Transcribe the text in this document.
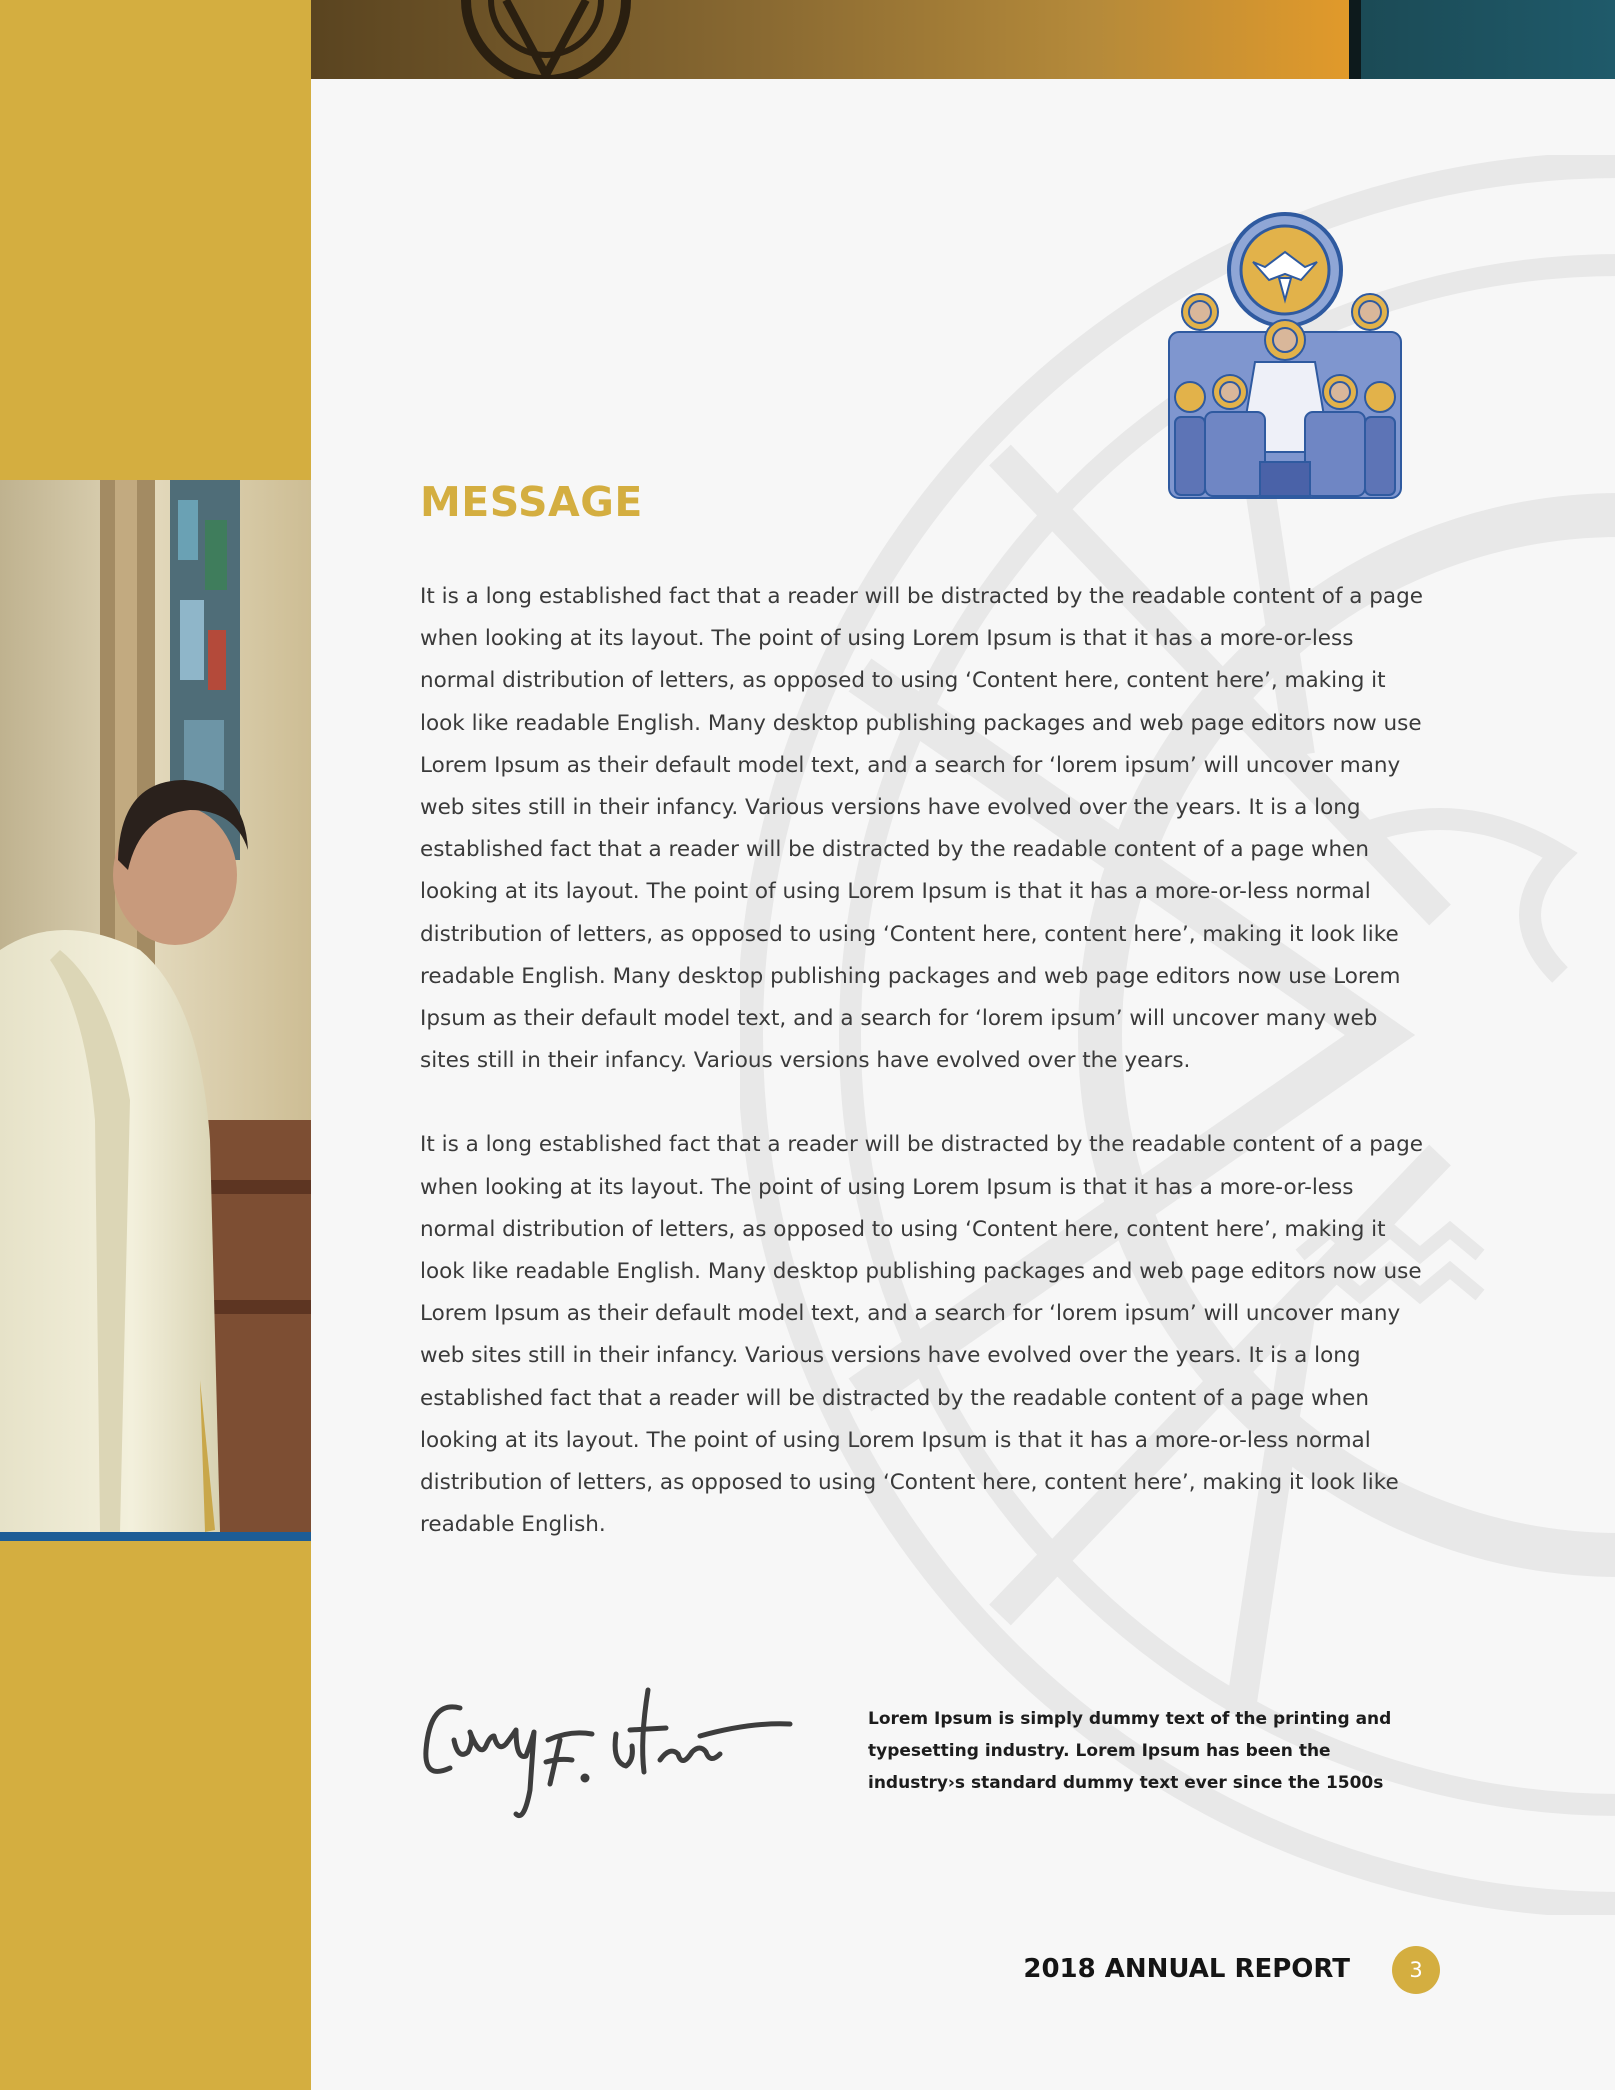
MESSAGE

It is a long established fact that a reader will be distracted by the readable content of a page when looking at its layout. The point of using Lorem Ipsum is that it has a more-or-less normal distribution of letters, as opposed to using ‘Content here, content here’, making it look like readable English. Many desktop publishing packages and web page editors now use Lorem Ipsum as their default model text, and a search for ‘lorem ipsum’ will uncover many web sites still in their infancy. Various versions have evolved over the years. It is a long established fact that a reader will be distracted by the readable content of a page when looking at its layout. The point of using Lorem Ipsum is that it has a more-or-less normal distribution of letters, as opposed to using ‘Content here, content here’, making it look like readable English. Many desktop publishing packages and web page editors now use Lorem Ipsum as their default model text, and a search for ‘lorem ipsum’ will uncover many web sites still in their infancy. Various versions have evolved over the years.

It is a long established fact that a reader will be distracted by the readable content of a page when looking at its layout. The point of using Lorem Ipsum is that it has a more-or-less normal distribution of letters, as opposed to using ‘Content here, content here’, making it look like readable English. Many desktop publishing packages and web page editors now use Lorem Ipsum as their default model text, and a search for ‘lorem ipsum’ will uncover many web sites still in their infancy. Various versions have evolved over the years. It is a long established fact that a reader will be distracted by the readable content of a page when looking at its layout. The point of using Lorem Ipsum is that it has a more-or-less normal distribution of letters, as opposed to using ‘Content here, content here’, making it look like readable English.

Lorem Ipsum is simply dummy text of the printing and typesetting industry. Lorem Ipsum has been the industry›s standard dummy text ever since the 1500s
2018 ANNUAL REPORT	3
